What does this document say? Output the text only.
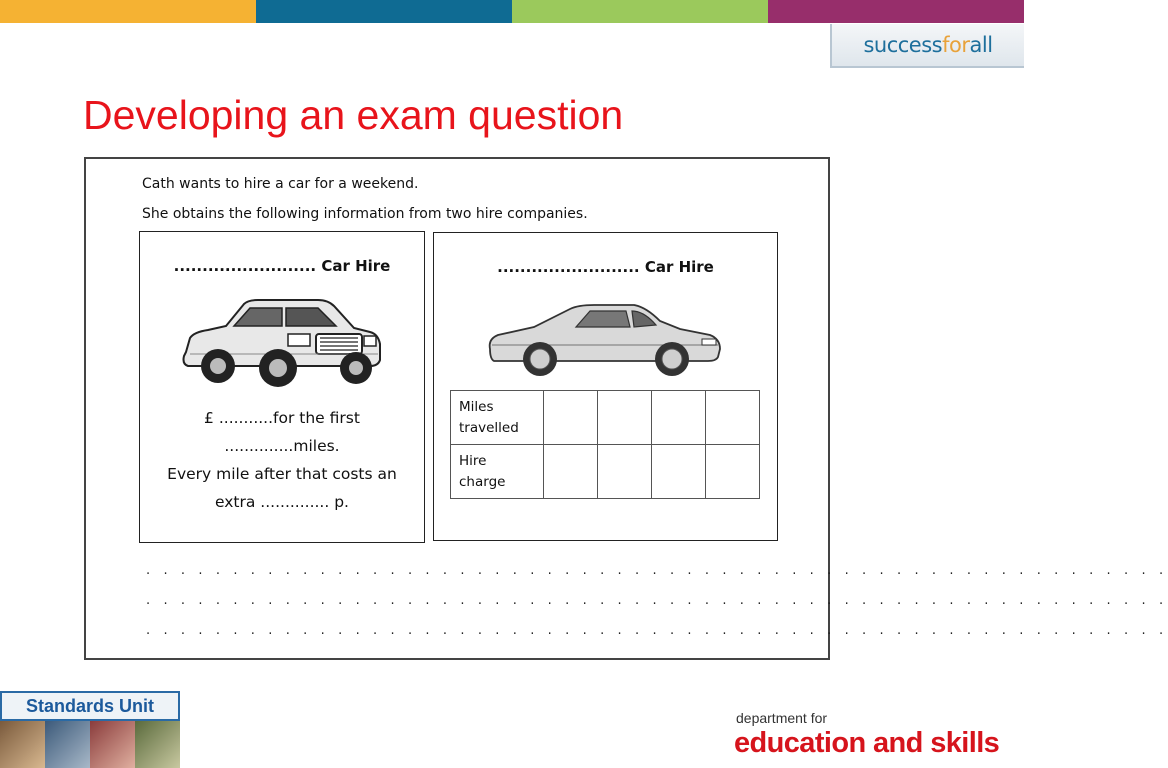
success for all
Developing an exam question
Cath wants to hire a car for a weekend.
She obtains the following information from two hire companies.
......................... Car Hire
£ ...........for the first
..............miles.
Every mile after that costs an
extra .............. p.
......................... Car Hire
Miles
travelled				
Hire
charge				
. . . . . . . . . . . . . . . . . . . . . . . . . . . . . . . . . . . . . . . . . . . . . . . . . . . . . . . . . . .
. . . . . . . . . . . . . . . . . . . . . . . . . . . . . . . . . . . . . . . . . . . . . . . . . . . . . . . . . . .
. . . . . . . . . . . . . . . . . . . . . . . . . . . . . . . . . . . . . . . . . . . . . . . . . . . . . . . . . . .
Standards Unit
department for
education and skills
